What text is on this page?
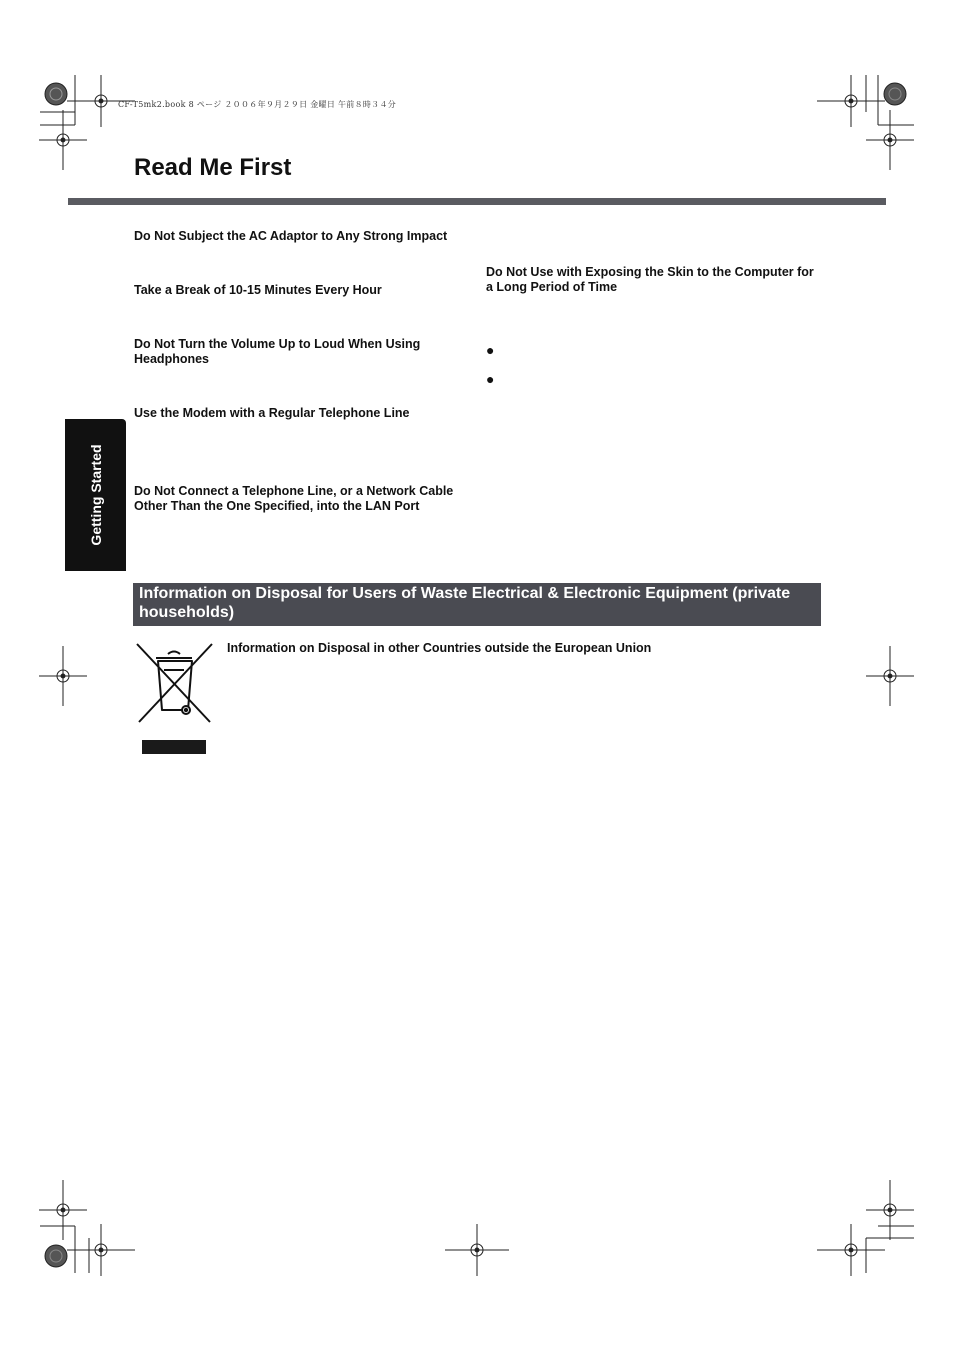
CF-T5mk2.book 8 ページ ２００６年９月２９日 金曜日 午前８時３４分
Read Me First
Do Not Subject the AC Adaptor to Any Strong Impact
Take a Break of 10-15 Minutes Every Hour
Do Not Turn the Volume Up to Loud When Using Headphones
Use the Modem with a Regular Telephone Line
Do Not Connect a Telephone Line, or a Network Cable Other Than the One Specified, into the LAN Port
Do Not Use with Exposing the Skin to the Computer for a Long Period of Time
●
●
Getting Started
Information on Disposal for Users of Waste Electrical & Electronic Equipment (private households)
Information on Disposal in other Countries outside the European Union
